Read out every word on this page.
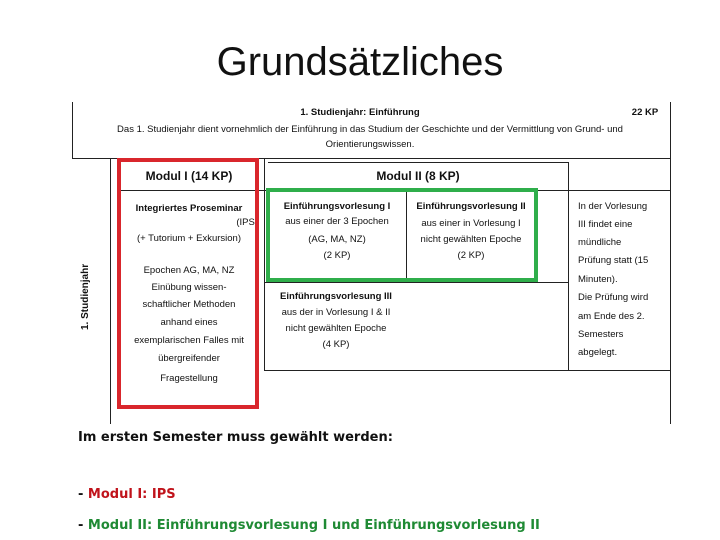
Grundsätzliches
1. Studienjahr: Einführung	22 KP
Das 1. Studienjahr dient vornehmlich der Einführung in das Studium der Geschichte und der Vermittlung von Grund- und
Orientierungswissen.
1. Studienjahr
Modul I (14 KP)	Modul II (8 KP)
Integriertes Proseminar
(IPS)
(+ Tutorium + Exkursion)
Epochen AG, MA, NZ
Einübung wissen-
schaftlicher Methoden
anhand eines
exemplarischen Falles mit
übergreifender
Fragestellung
Einführungsvorlesung I
aus einer der 3 Epochen
(AG, MA, NZ)
(2 KP)
Einführungsvorlesung II
aus einer in Vorlesung I
nicht gewählten Epoche
(2 KP)
Einführungsvorlesung III
aus der in Vorlesung I & II
nicht gewählten Epoche
(4 KP)
In der Vorlesung
III findet eine
mündliche
Prüfung statt (15
Minuten).
Die Prüfung wird
am Ende des 2.
Semesters
abgelegt.
Im ersten Semester muss gewählt werden:
- Modul I: IPS
- Modul II: Einführungsvorlesung I und Einführungsvorlesung II
